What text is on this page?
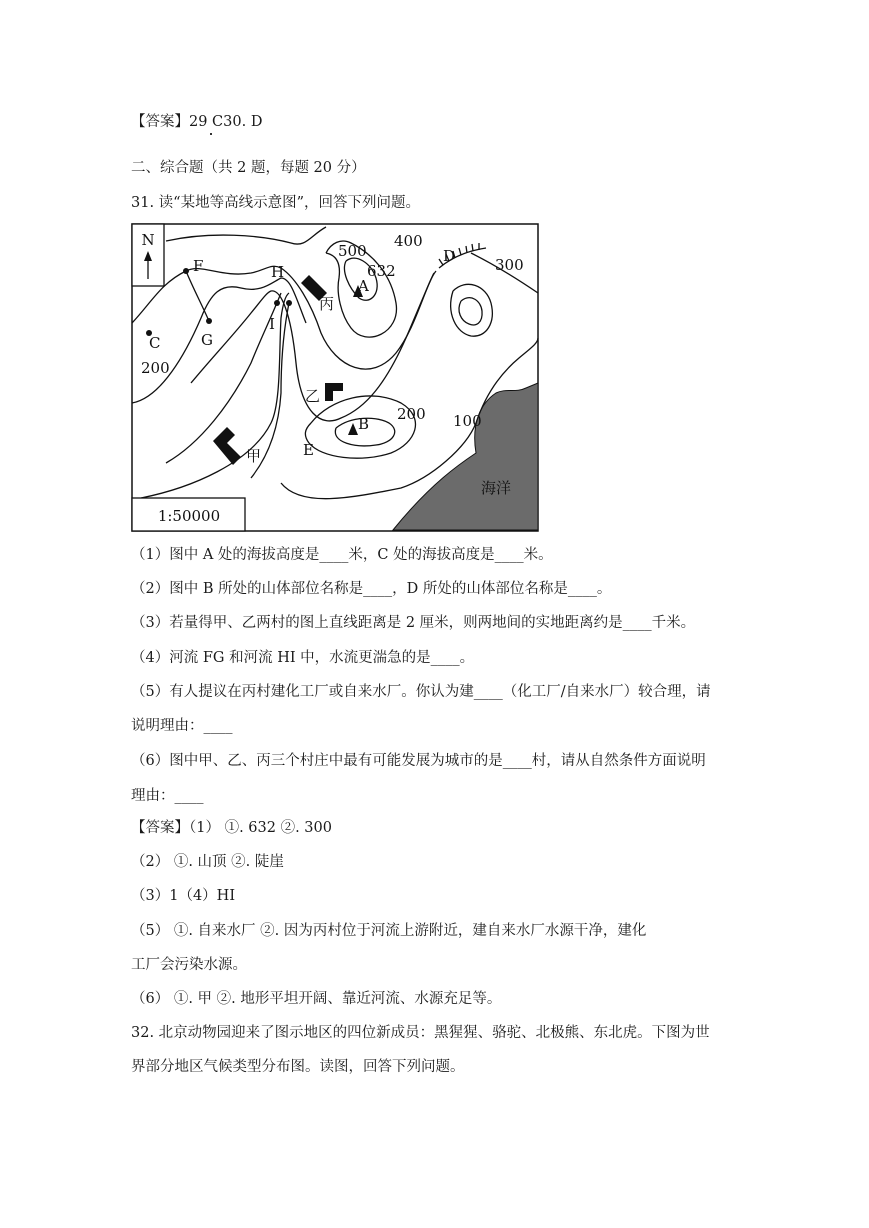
【答案】29 C30. D
二、综合题（共 2 题，每题 20 分）
31. 读“某地等高线示意图”，回答下列问题。
N
1:50000
500
400
300
200
200 100
632
A
B
C
D
E
F
G
H
I
甲
乙
丙
海洋
（1）图中 A 处的海拔高度是____米，C 处的海拔高度是____米。
（2）图中 B 所处的山体部位名称是____，D 所处的山体部位名称是____。
（3）若量得甲、乙两村的图上直线距离是 2 厘米，则两地间的实地距离约是____千米。
（4）河流 FG 和河流 HI 中，水流更湍急的是____。
（5）有人提议在丙村建化工厂或自来水厂。你认为建____（化工厂/自来水厂）较合理，请
说明理由：____
（6）图中甲、乙、丙三个村庄中最有可能发展为城市的是____村，请从自然条件方面说明
理由：____
【答案】（1） ①. 632 ②. 300
（2） ①. 山顶 ②. 陡崖
（3）1（4）HI
（5） ①. 自来水厂 ②. 因为丙村位于河流上游附近，建自来水厂水源干净，建化
工厂会污染水源。
（6） ①. 甲 ②. 地形平坦开阔、靠近河流、水源充足等。
32. 北京动物园迎来了图示地区的四位新成员：黑猩猩、骆驼、北极熊、东北虎。下图为世
界部分地区气候类型分布图。读图，回答下列问题。
